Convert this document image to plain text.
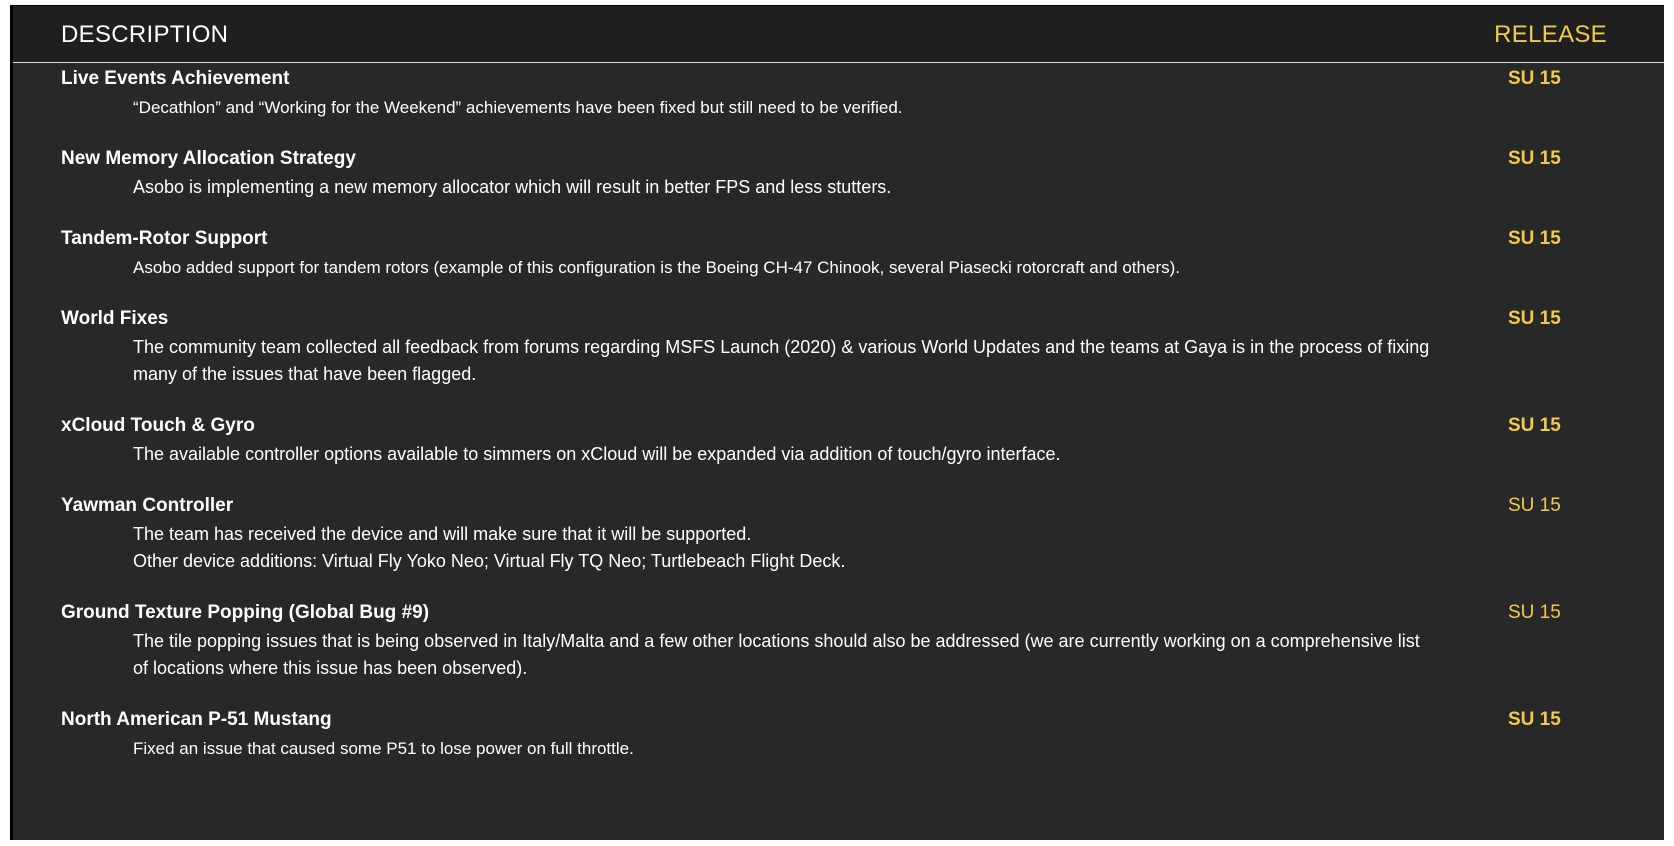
DESCRIPTION	RELEASE
Live Events Achievement	SU 15

“Decathlon” and “Working for the Weekend” achievements have been fixed but still need to be verified.

New Memory Allocation Strategy	SU 15

Asobo is implementing a new memory allocator which will result in better FPS and less stutters.

Tandem-Rotor Support	SU 15

Asobo added support for tandem rotors (example of this configuration is the Boeing CH-47 Chinook, several Piasecki rotorcraft and others).

World Fixes	SU 15

The community team collected all feedback from forums regarding MSFS Launch (2020) & various World Updates and the teams at Gaya is in the process of fixing many of the issues that have been flagged.

xCloud Touch & Gyro	SU 15

The available controller options available to simmers on xCloud will be expanded via addition of touch/gyro interface.

Yawman Controller	SU 15

The team has received the device and will make sure that it will be supported.

Other device additions: Virtual Fly Yoko Neo; Virtual Fly TQ Neo; Turtlebeach Flight Deck.

Ground Texture Popping (Global Bug #9)	SU 15

The tile popping issues that is being observed in Italy/Malta and a few other locations should also be addressed (we are currently working on a comprehensive list of locations where this issue has been observed).

North American P-51 Mustang	SU 15

Fixed an issue that caused some P51 to lose power on full throttle.
